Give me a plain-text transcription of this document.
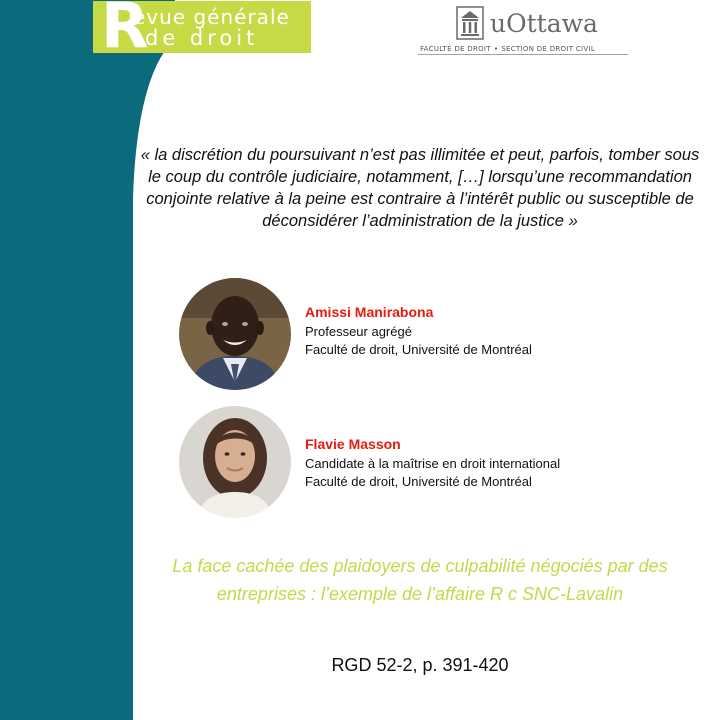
R
evue générale
de droit	uOttawa
FACULTÉ DE DROIT • SECTION DE DROIT CIVIL

« la discrétion du poursuivant n’est pas illimitée et peut, parfois, tomber sous le coup du contrôle judiciaire, notamment, […] lorsqu’une recommandation conjointe relative à la peine est contraire à l’intérêt public ou susceptible de déconsidérer l’administration de la justice »

Amissi Manirabona
Professeur agrégé
Faculté de droit, Université de Montréal
Flavie Masson
Candidate à la maîtrise en droit international
Faculté de droit, Université de Montréal

La face cachée des plaidoyers de culpabilité négociés par des entreprises : l’exemple de l’affaire R c SNC-Lavalin

RGD 52-2, p. 391-420
